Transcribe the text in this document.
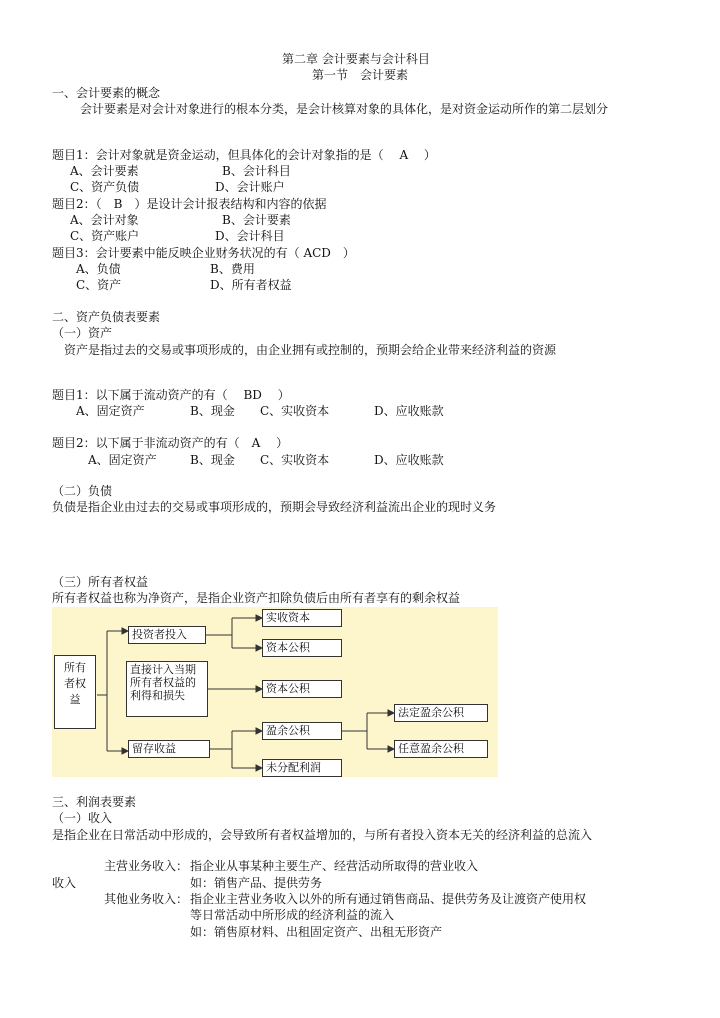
第二章 会计要素与会计科目
第一节　会计要素
一、会计要素的概念
会计要素是对会计对象进行的根本分类，是会计核算对象的具体化，是对资金运动所作的第二层划分
题目1：会计对象就是资金运动，但具体化的会计对象指的是（　 A 　）
A、会计要素	B、会计科目
C、资产负债	D、会计账户
题目2：（　B　）是设计会计报表结构和内容的依据
A、会计对象	B、会计要素
C、资产账户	D、会计科目
题目3：会计要素中能反映企业财务状况的有（ ACD　）
A、负债	B、费用
C、资产	D、所有者权益
二、资产负债表要素
（一）资产
资产是指过去的交易或事项形成的，由企业拥有或控制的，预期会给企业带来经济利益的资源
题目1：以下属于流动资产的有（　 BD　 ）
A、固定资产	B、现金 C、实收资本	D、应收账款
题目2：以下属于非流动资产的有（　A　 ）
A、固定资产	B、现金 C、实收资本	D、应收账款
（二）负债
负债是指企业由过去的交易或事项形成的，预期会导致经济利益流出企业的现时义务
（三）所有者权益
所有者权益也称为净资产，是指企业资产扣除负债后由所有者享有的剩余权益
所有者权益
投资者投入
直接计入当期所有者权益的利得和损失
留存收益
实收资本
资本公积
资本公积
盈余公积
未分配利润
法定盈余公积
任意盈余公积
三、利润表要素
（一）收入
是指企业在日常活动中形成的，会导致所有者权益增加的，与所有者投入资本无关的经济利益的总流入
主营业务收入： 指企业从事某种主要生产、经营活动所取得的营业收入
收入	如：销售产品、提供劳务
其他业务收入： 指企业主营业务收入以外的所有通过销售商品、提供劳务及让渡资产使用权
等日常活动中所形成的经济利益的流入
如：销售原材料、出租固定资产、出租无形资产
